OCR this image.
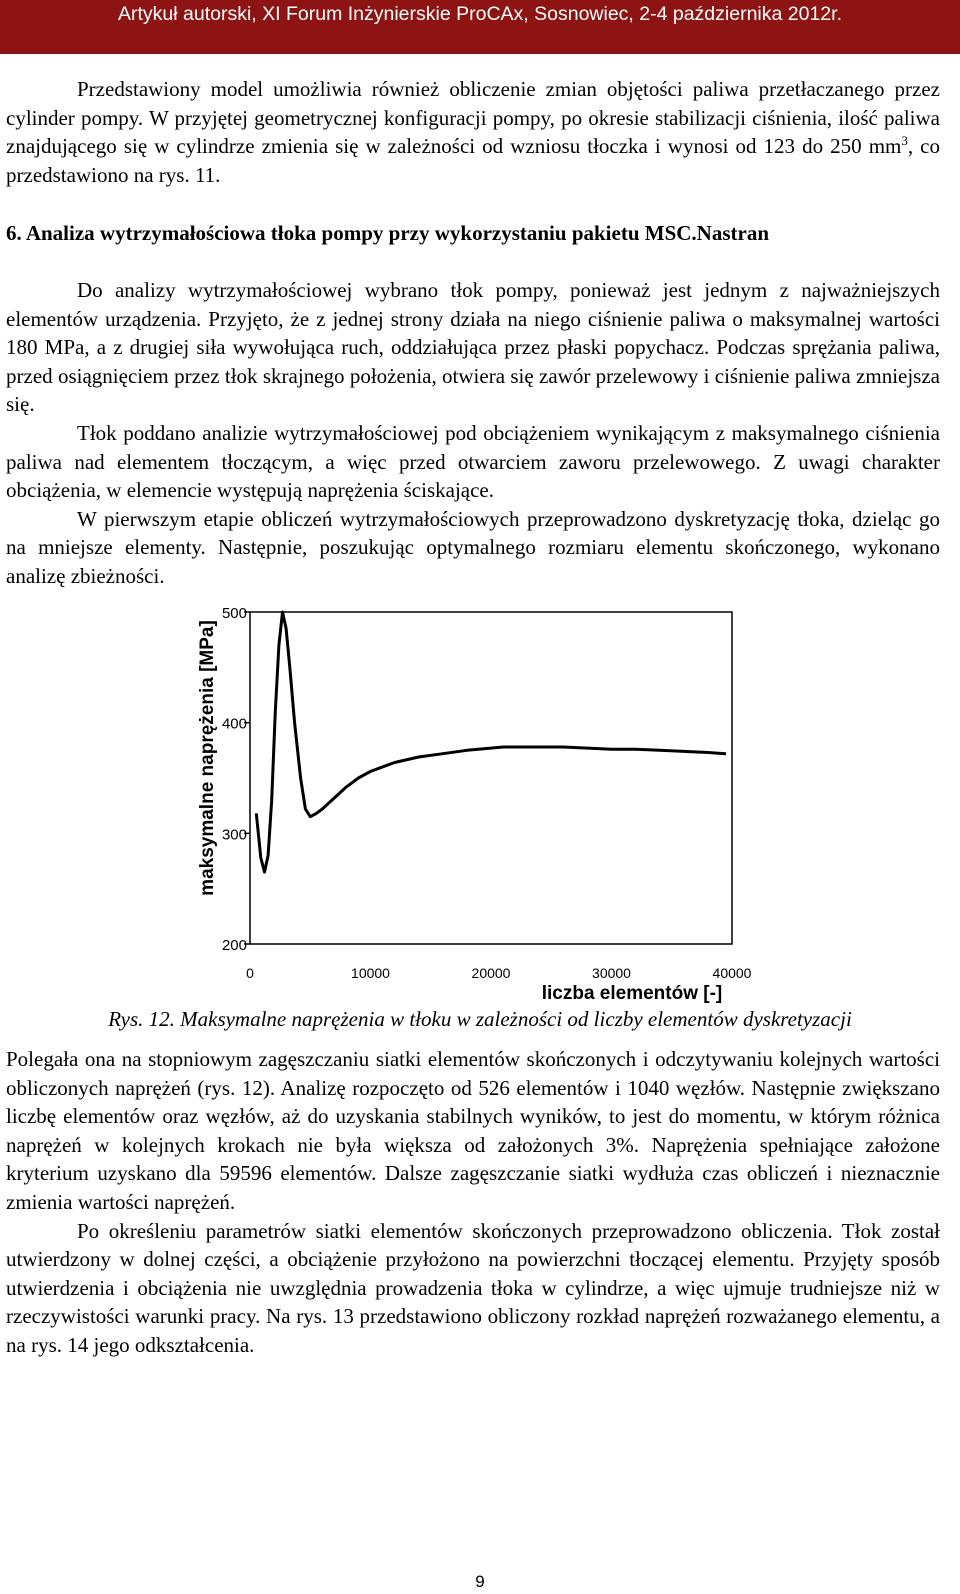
Artykuł autorski, XI Forum Inżynierskie ProCAx, Sosnowiec, 2-4 października 2012r.

Przedstawiony model umożliwia również obliczenie zmian objętości paliwa przetłaczanego przez cylinder pompy. W przyjętej geometrycznej konfiguracji pompy, po okresie stabilizacji ciśnienia, ilość paliwa znajdującego się w cylindrze zmienia się w zależności od wzniosu tłoczka i wynosi od 123 do 250 $mm^3$, co przedstawiono na rys. 11.

6. Analiza wytrzymałościowa tłoka pompy przy wykorzystaniu pakietu MSC.Nastran

Do analizy wytrzymałościowej wybrano tłok pompy, ponieważ jest jednym z najważniejszych elementów urządzenia. Przyjęto, że z jednej strony działa na niego ciśnienie paliwa o maksymalnej wartości 180 MPa, a z drugiej siła wywołująca ruch, oddziałująca przez płaski popychacz. Podczas sprężania paliwa, przed osiągnięciem przez tłok skrajnego położenia, otwiera się zawór przelewowy i ciśnienie paliwa zmniejsza się.

Tłok poddano analizie wytrzymałościowej pod obciążeniem wynikającym z maksymalnego ciśnienia paliwa nad elementem tłoczącym, a więc przed otwarciem zaworu przelewowego. Z uwagi charakter obciążenia, w elemencie występują naprężenia ściskające.

W pierwszym etapie obliczeń wytrzymałościowych przeprowadzono dyskretyzację tłoka, dzieląc go na mniejsze elementy. Następnie, poszukując optymalnego rozmiaru elementu skończonego, wykonano analizę zbieżności.

200
300
400
500
0	10000	20000	30000	40000
liczba elementów [-]
maksymalne naprężenia [MPa]
Rys. 12. Maksymalne naprężenia w tłoku w zależności od liczby elementów dyskretyzacji

Polegała ona na stopniowym zagęszczaniu siatki elementów skończonych i odczytywaniu kolejnych wartości obliczonych naprężeń (rys. 12). Analizę rozpoczęto od 526 elementów i 1040 węzłów. Następnie zwiększano liczbę elementów oraz węzłów, aż do uzyskania stabilnych wyników, to jest do momentu, w którym różnica naprężeń w kolejnych krokach nie była większa od założonych 3%. Naprężenia spełniające założone kryterium uzyskano dla 59596 elementów. Dalsze zagęszczanie siatki wydłuża czas obliczeń i nieznacznie zmienia wartości naprężeń.

Po określeniu parametrów siatki elementów skończonych przeprowadzono obliczenia. Tłok został utwierdzony w dolnej części, a obciążenie przyłożono na powierzchni tłoczącej elementu. Przyjęty sposób utwierdzenia i obciążenia nie uwzględnia prowadzenia tłoka w cylindrze, a więc ujmuje trudniejsze niż w rzeczywistości warunki pracy. Na rys. 13 przedstawiono obliczony rozkład naprężeń rozważanego elementu, a na rys. 14 jego odkształcenia.

9
